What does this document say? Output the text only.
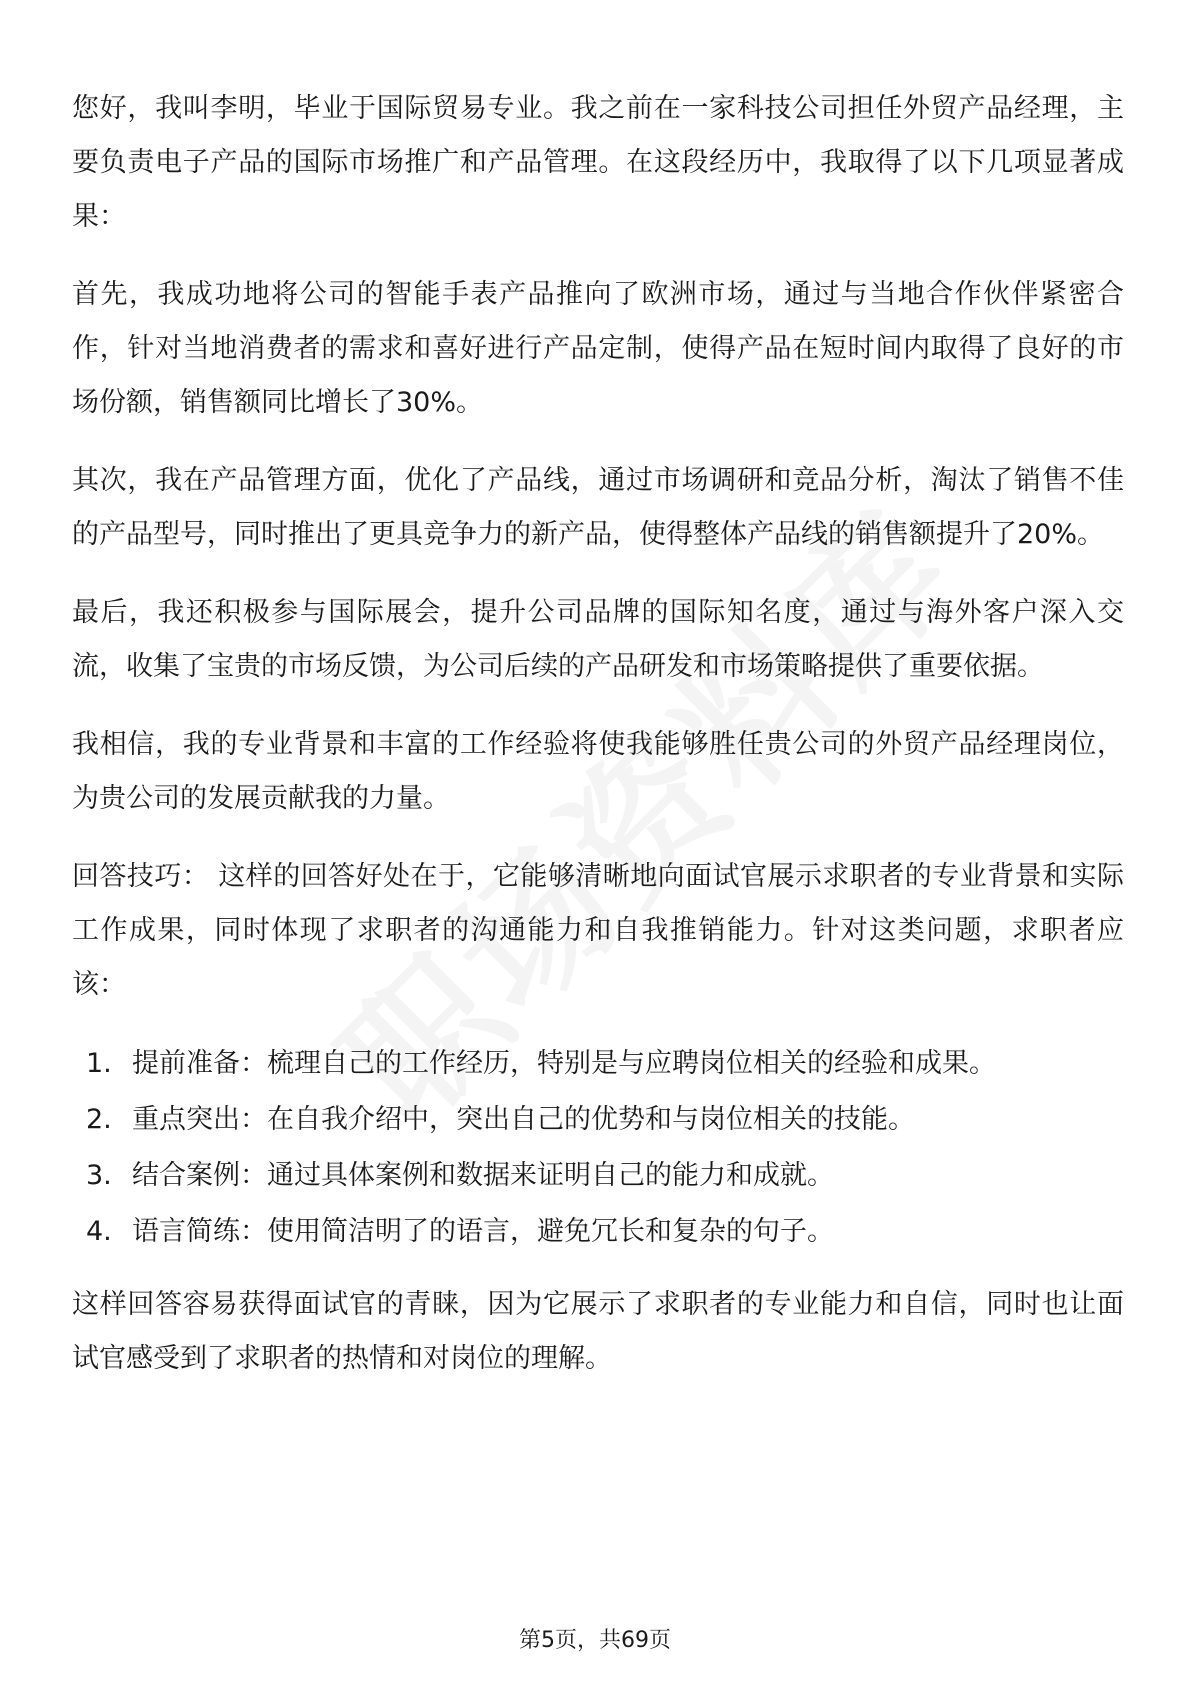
您好，我叫李明，毕业于国际贸易专业。我之前在一家科技公司担任外贸产品经理，主要负责电子产品的国际市场推广和产品管理。在这段经历中，我取得了以下几项显著成果：

首先，我成功地将公司的智能手表产品推向了欧洲市场，通过与当地合作伙伴紧密合作，针对当地消费者的需求和喜好进行产品定制，使得产品在短时间内取得了良好的市场份额，销售额同比增长了30%。

其次，我在产品管理方面，优化了产品线，通过市场调研和竞品分析，淘汰了销售不佳的产品型号，同时推出了更具竞争力的新产品，使得整体产品线的销售额提升了20%。

最后，我还积极参与国际展会，提升公司品牌的国际知名度，通过与海外客户深入交流，收集了宝贵的市场反馈，为公司后续的产品研发和市场策略提供了重要依据。

我相信，我的专业背景和丰富的工作经验将使我能够胜任贵公司的外贸产品经理岗位，为贵公司的发展贡献我的力量。

回答技巧： 这样的回答好处在于，它能够清晰地向面试官展示求职者的专业背景和实际工作成果，同时体现了求职者的沟通能力和自我推销能力。针对这类问题，求职者应该：

1. 提前准备：梳理自己的工作经历，特别是与应聘岗位相关的经验和成果。
2. 重点突出：在自我介绍中，突出自己的优势和与岗位相关的技能。
3. 结合案例：通过具体案例和数据来证明自己的能力和成就。
4. 语言简练：使用简洁明了的语言，避免冗长和复杂的句子。

这样回答容易获得面试官的青睐，因为它展示了求职者的专业能力和自信，同时也让面试官感受到了求职者的热情和对岗位的理解。

第5页，共69页
